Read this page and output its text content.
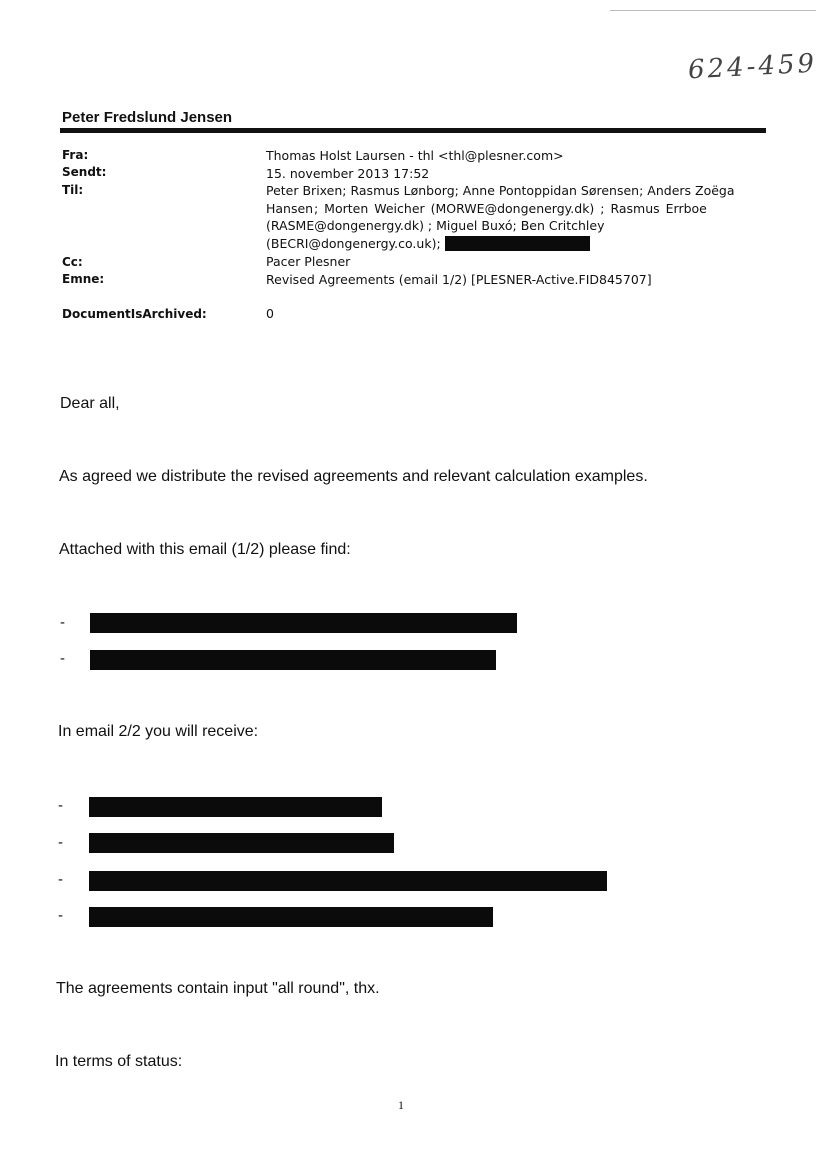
624-459
Peter Fredslund Jensen
Fra:	Thomas Holst Laursen - thl <thl@plesner.com>
Sendt:	15. november 2013 17:52
Til:	Peter Brixen; Rasmus Lønborg; Anne Pontoppidan Sørensen; Anders Zoëga Hansen ; Morten Weicher (MORWE@dongenergy.dk) ; Rasmus Errboe
(RASME@dongenergy.dk) ; Miguel Buxó; Ben Critchley
(BECRI@dongenergy.co.uk);
Cc:	Pacer Plesner
Emne:	Revised Agreements (email 1/2) [PLESNER-Active.FID845707]
DocumentIsArchived:	0
Dear all,
As agreed we distribute the revised agreements and relevant calculation examples.
Attached with this email (1/2) please find:
-
-
In email 2/2 you will receive:
-
-
-
-
The agreements contain input "all round", thx.
In terms of status:
1
